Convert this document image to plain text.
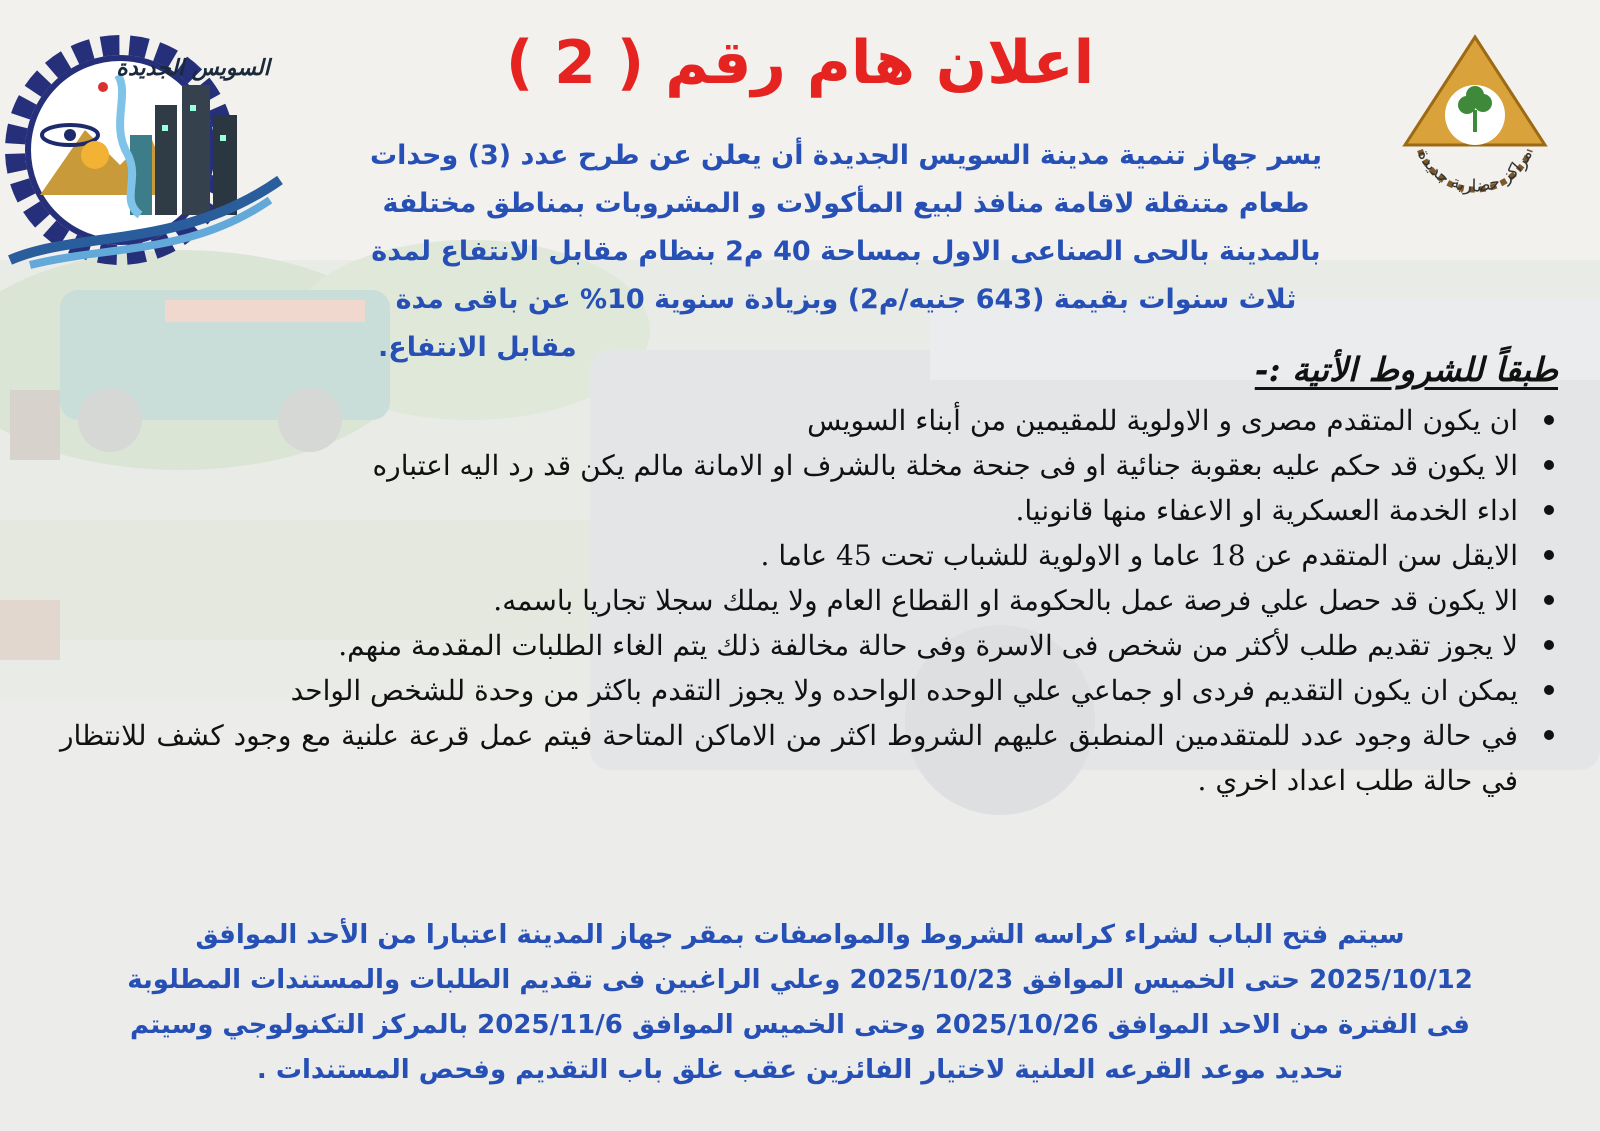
السويس الجديدة
مراكز حضارية جديدة
اعلان هام رقم ( 2 )
يسر جهاز تنمية مدينة السويس الجديدة أن يعلن عن طرح عدد (3) وحدات
طعام متنقلة لاقامة منافذ لبيع المأكولات و المشروبات بمناطق مختلفة
بالمدينة بالحى الصناعى الاول بمساحة 40 م2 بنظام مقابل الانتفاع لمدة
ثلاث سنوات بقيمة (643 جنيه/م2) وبزيادة سنوية 10% عن باقى مدة
مقابل الانتفاع.
طبقاً للشروط الأتية :-
ان يكون المتقدم مصرى و الاولوية للمقيمين من أبناء السويس
الا يكون قد حكم عليه بعقوبة جنائية او فى جنحة مخلة بالشرف او الامانة مالم يكن قد رد اليه اعتباره
اداء الخدمة العسكرية او الاعفاء منها قانونيا.
الايقل سن المتقدم عن 18 عاما و الاولوية للشباب تحت 45 عاما .
الا يكون قد حصل علي فرصة عمل بالحكومة او القطاع العام ولا يملك سجلا تجاريا باسمه.
لا يجوز تقديم طلب لأكثر من شخص فى الاسرة وفى حالة مخالفة ذلك يتم الغاء الطلبات المقدمة منهم.
يمكن ان يكون التقديم فردى او جماعي علي الوحده الواحده ولا يجوز التقدم باكثر من وحدة للشخص الواحد
في حالة وجود عدد للمتقدمين المنطبق عليهم الشروط اكثر من الاماكن المتاحة فيتم عمل قرعة علنية مع وجود كشف للانتظار في حالة طلب اعداد اخري .
سيتم فتح الباب لشراء كراسه الشروط والمواصفات بمقر جهاز المدينة اعتبارا من الأحد الموافق
2025/10/12 حتى الخميس الموافق 2025/10/23 وعلي الراغبين فى تقديم الطلبات والمستندات المطلوبة
فى الفترة من الاحد الموافق 2025/10/26 وحتى الخميس الموافق 2025/11/6 بالمركز التكنولوجي وسيتم
تحديد موعد القرعه العلنية لاختيار الفائزين عقب غلق باب التقديم وفحص المستندات .
